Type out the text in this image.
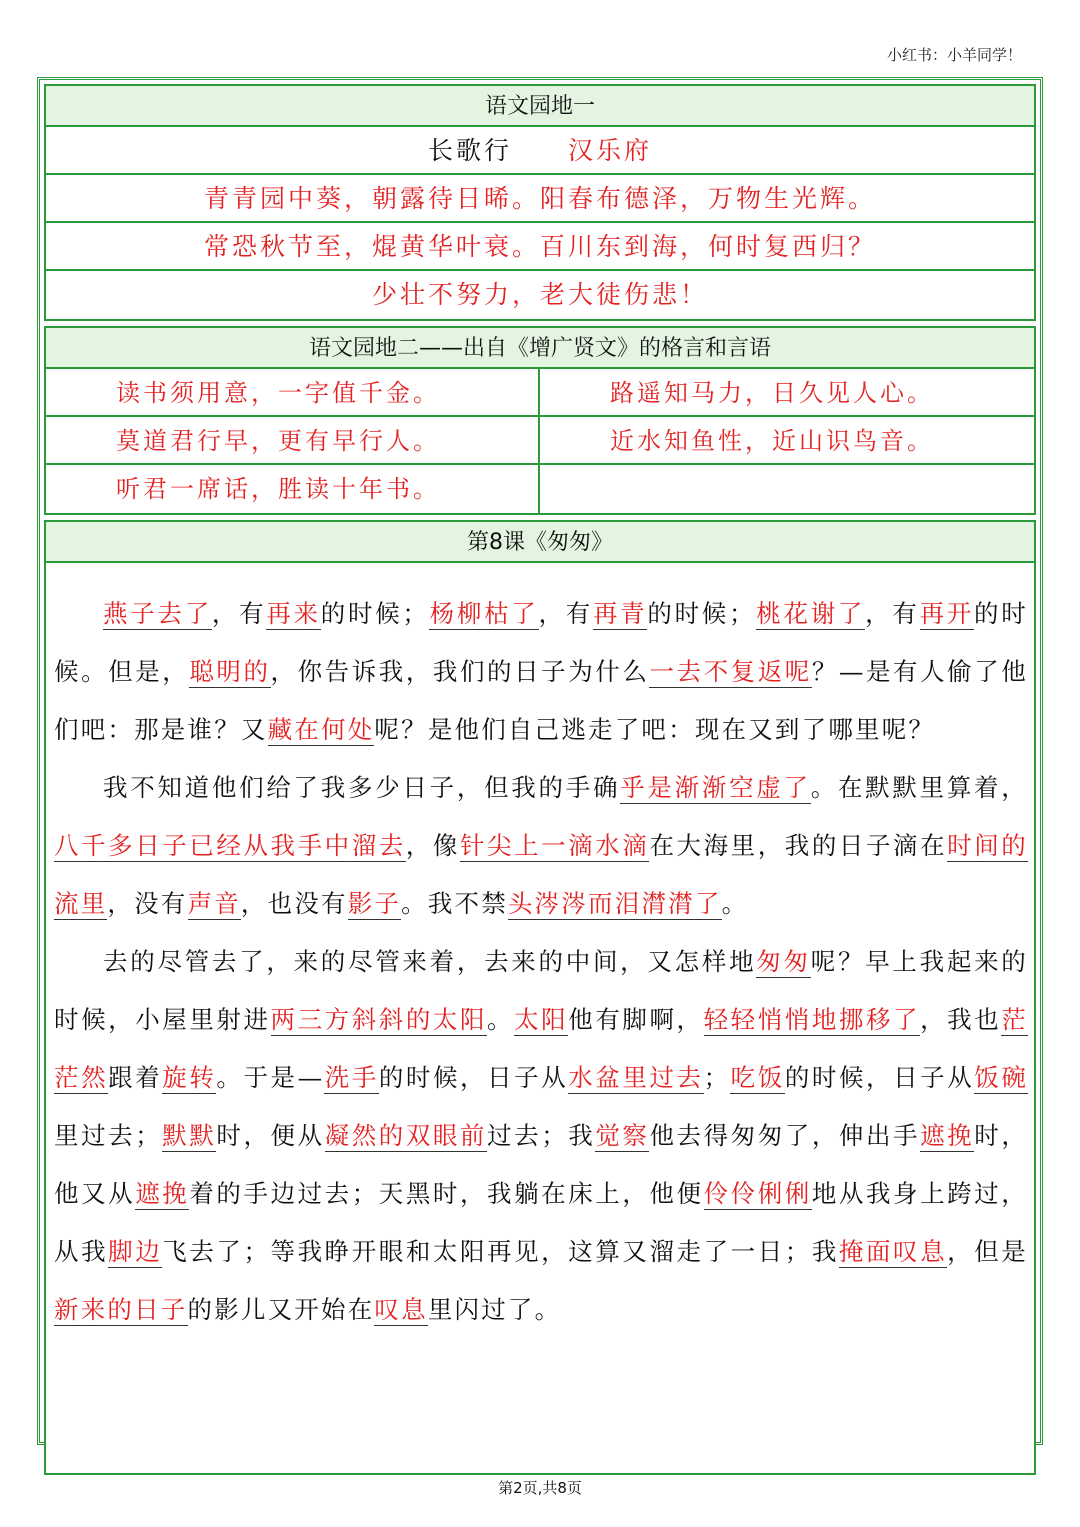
小红书：小羊同学！
语文园地一
长歌行 汉乐府
青青园中葵，朝露待日晞。阳春布德泽，万物生光辉。
常恐秋节至，焜黄华叶衰。百川东到海，何时复西归？
少壮不努力，老大徒伤悲！
语文园地二——出自《增广贤文》的格言和言语
读书须用意，一字值千金。	路遥知马力，日久见人心。
莫道君行早，更有早行人。	近水知鱼性，近山识鸟音。
听君一席话，胜读十年书。
第8课《匆匆》

燕子去了，有再来的时候；杨柳枯了，有再青的时候；桃花谢了，有再开的时候。但是，聪明的，你告诉我，我们的日子为什么一去不复返呢？—是有人偷了他们吧：那是谁？又藏在何处呢？是他们自己逃走了吧：现在又到了哪里呢？

我不知道他们给了我多少日子，但我的手确乎是渐渐空虚了。在默默里算着，八千多日子已经从我手中溜去，像针尖上一滴水滴在大海里，我的日子滴在时间的流里，没有声音，也没有影子。我不禁头涔涔而泪潸潸了。

去的尽管去了，来的尽管来着，去来的中间，又怎样地匆匆呢？早上我起来的时候，小屋里射进两三方斜斜的太阳。太阳他有脚啊，轻轻悄悄地挪移了，我也茫茫然跟着旋转。于是—洗手的时候，日子从水盆里过去；吃饭的时候，日子从饭碗里过去；默默时，便从凝然的双眼前过去；我觉察他去得匆匆了，伸出手遮挽时，他又从遮挽着的手边过去；天黑时，我躺在床上，他便伶伶俐俐地从我身上跨过，从我脚边飞去了；等我睁开眼和太阳再见，这算又溜走了一日；我掩面叹息，但是新来的日子的影儿又开始在叹息里闪过了。

第2页,共8页
